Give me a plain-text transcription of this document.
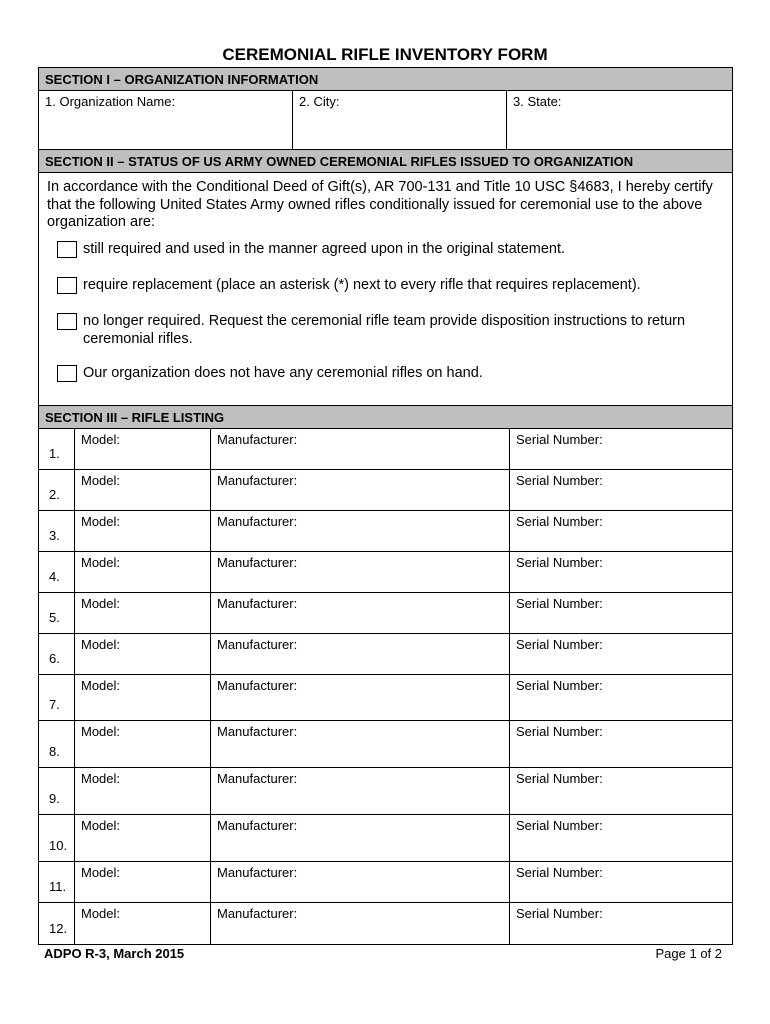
CEREMONIAL RIFLE INVENTORY FORM
SECTION I – ORGANIZATION INFORMATION
1. Organization Name:	2. City:	3. State:
SECTION II – STATUS OF US ARMY OWNED CEREMONIAL RIFLES ISSUED TO ORGANIZATION
In accordance with the Conditional Deed of Gift(s), AR 700-131 and Title 10 USC §4683, I hereby certify that the following United States Army owned rifles conditionally issued for ceremonial use to the above organization are:
still required and used in the manner agreed upon in the original statement.
require replacement (place an asterisk (*) next to every rifle that requires replacement).
no longer required. Request the ceremonial rifle team provide disposition instructions to return ceremonial rifles.
Our organization does not have any ceremonial rifles on hand.
SECTION III – RIFLE LISTING
1.
Model:	Manufacturer:	Serial Number:
2.
Model:	Manufacturer:	Serial Number:
3.
Model:	Manufacturer:	Serial Number:
4.
Model:	Manufacturer:	Serial Number:
5.
Model:	Manufacturer:	Serial Number:
6.
Model:	Manufacturer:	Serial Number:
7.
Model:	Manufacturer:	Serial Number:
8.
Model:	Manufacturer:	Serial Number:
9.
Model:	Manufacturer:	Serial Number:
10.
Model:	Manufacturer:	Serial Number:
11.
Model:	Manufacturer:	Serial Number:
12.
Model:	Manufacturer:	Serial Number:
ADPO R-3, March 2015	Page 1 of 2
